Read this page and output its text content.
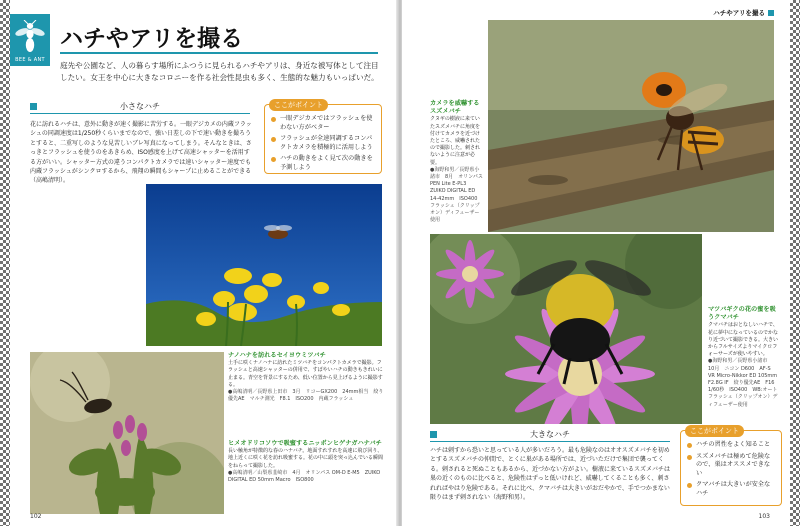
BEE & ANT
ハチやアリを撮る
庭先や公園など、人の暮らす場所にふつうに見られるハチやアリは、身近な被写体として注目したい。女王を中心に大きなコロニーを作る社会性昆虫も多く、生態的な魅力もいっぱいだ。
小さなハチ
花に訪れるハチは、意外に動きが速く撮影に苦労する。一眼デジカメの内蔵フラッシュの同調速度は1/250秒くらいまでなので、強い日差しの下で速い動きを撮ろうとすると、二重写しのような見苦しいブレ写真になってしまう。そんなときは、さっきとフラッシュを使うのをあきらめ、ISO感度を上げて高速シャッターを活用する方がいい。シャッター方式の違うコンパクトカメラでは速いシャッター速度でも内蔵フラッシュがシンクロするから、飛翔の瞬間もシャープに止めることができる（高嶋清明）。
ここがポイント
一眼デジカメではフラッシュを使わない方がベター
フラッシュが全速同調するコンパクトカメラを積極的に活用しよう
ハチの動きをよく見て次の動きを予測しよう
ナノハナを訪れるセイヨウミツバチ
土手に咲くナノハナに訪れたミツバチをコンパクトカメラで撮影。フラッシュと高速シャッターの併用で、すばやいハチの動きもきれいに止まる。青空を背景にするため、低い位置から見上げるように撮影する。
●高嶋清明／長野県上田市　3月　リコーGX200　24mm相当　絞り優先AE　マルチ測光　F8.1　ISO200　内蔵フラッシュ
ヒメオドリコソウで吸蜜するニッポンヒゲナガハナバチ
長い触角が特徴的な春のハナバチ。地面すれすれを高速に飛び回り、地上近くに咲く花を訪れ吸蜜する。花の中に頭を突っ込んでいる瞬間をねらって撮影した。
●高嶋清明／山梨県韮崎市　4月　オリンパス OM-D E-M5　ZUIKO DIGITAL ED 50mm Macro　ISO800
102
ハチやアリを撮る
カメラを威嚇するスズメバチ
クヌギの樹液に来ていたスズメバチに角度を付けてカメラを近づけたところ、威嚇されたので撮影した。刺されないように注意が必要。
●海野和男／長野県小諸市　8月　オリンパス PEN Lite E-PL3　ZUIKO DIGITAL ED 14-42mm　ISO400　フラッシュ（クリップオン）ディフューザー使用
マツバギクの花の蜜を吸うクマバチ
クマバチはおとなしいハチで、花に夢中になっているのでかなり近づいて撮影できる。大きいからフルサイズよりマイクロフォーサーズが使いやすい。
●海野和男／長野県小諸市　10月　ニコン D600　AF-S VR Micro-Nikkor ED 105mm F2.8G IF　絞り優先AE　F16　1/60秒　ISO400　WB:オート　フラッシュ（クリップオン）ディフューザー使用
大きなハチ
ハチは刺すから恐いと思っている人が多いだろう。最も危険なのはオオスズメバチを初めとするスズメバチの仲間で、とくに巣がある場所では、近づいただけで集団で襲ってくる。刺されると死ぬこともあるから、近づかない方がよい。樹液に来ているスズメバチは巣の近くのものに比べると、危険性はずっと低いけれど、威嚇してくることも多く、刺されればやはり危険である。それに比べ、クマバチは大きいがおだやかで、手でつかまない限りはまず刺されない（海野和男）。
ここがポイント
ハチの習性をよく知ること
スズメバチは極めて危険なので、巣はオススメできない
クマバチは大きいが安全なハチ
103
